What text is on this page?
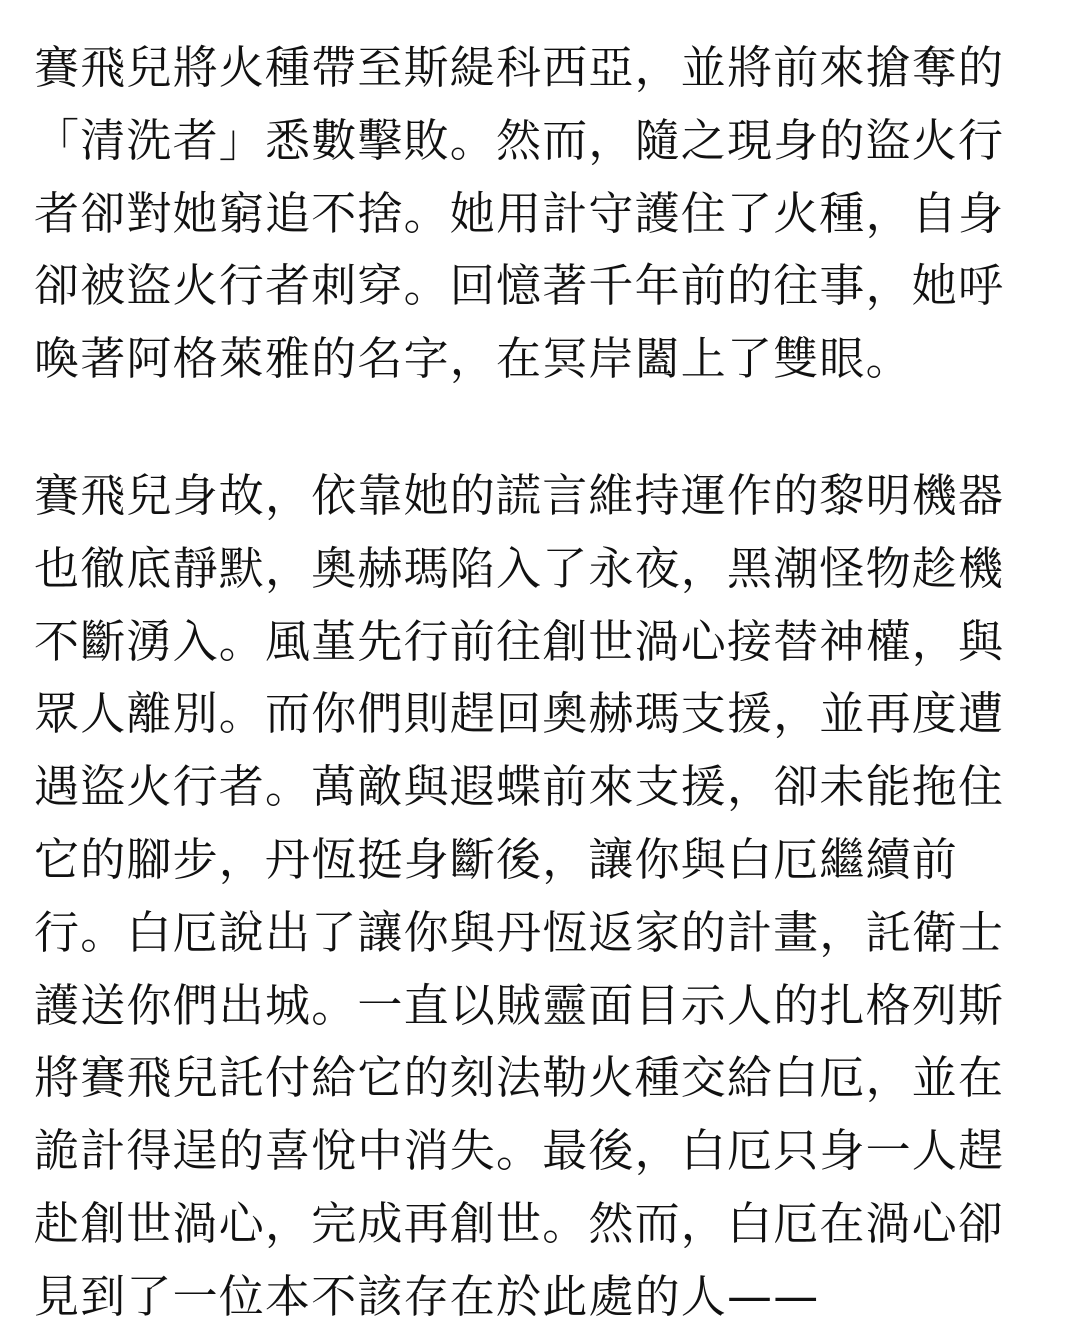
賽飛兒將火種帶至斯緹科西亞，並將前來搶奪的
「清洗者」悉數擊敗。然而，隨之現身的盜火行
者卻對她窮追不捨。她用計守護住了火種，自身
卻被盜火行者刺穿。回憶著千年前的往事，她呼
喚著阿格萊雅的名字，在冥岸闔上了雙眼。

賽飛兒身故，依靠她的謊言維持運作的黎明機器
也徹底靜默，奧赫瑪陷入了永夜，黑潮怪物趁機
不斷湧入。風堇先行前往創世渦心接替神權，與
眾人離別。而你們則趕回奧赫瑪支援，並再度遭
遇盜火行者。萬敵與遐蝶前來支援，卻未能拖住
它的腳步，丹恆挺身斷後，讓你與白厄繼續前
行。白厄說出了讓你與丹恆返家的計畫，託衛士
護送你們出城。一直以賊靈面目示人的扎格列斯
將賽飛兒託付給它的刻法勒火種交給白厄，並在
詭計得逞的喜悅中消失。最後，白厄只身一人趕
赴創世渦心，完成再創世。然而，白厄在渦心卻
見到了一位本不該存在於此處的人——
